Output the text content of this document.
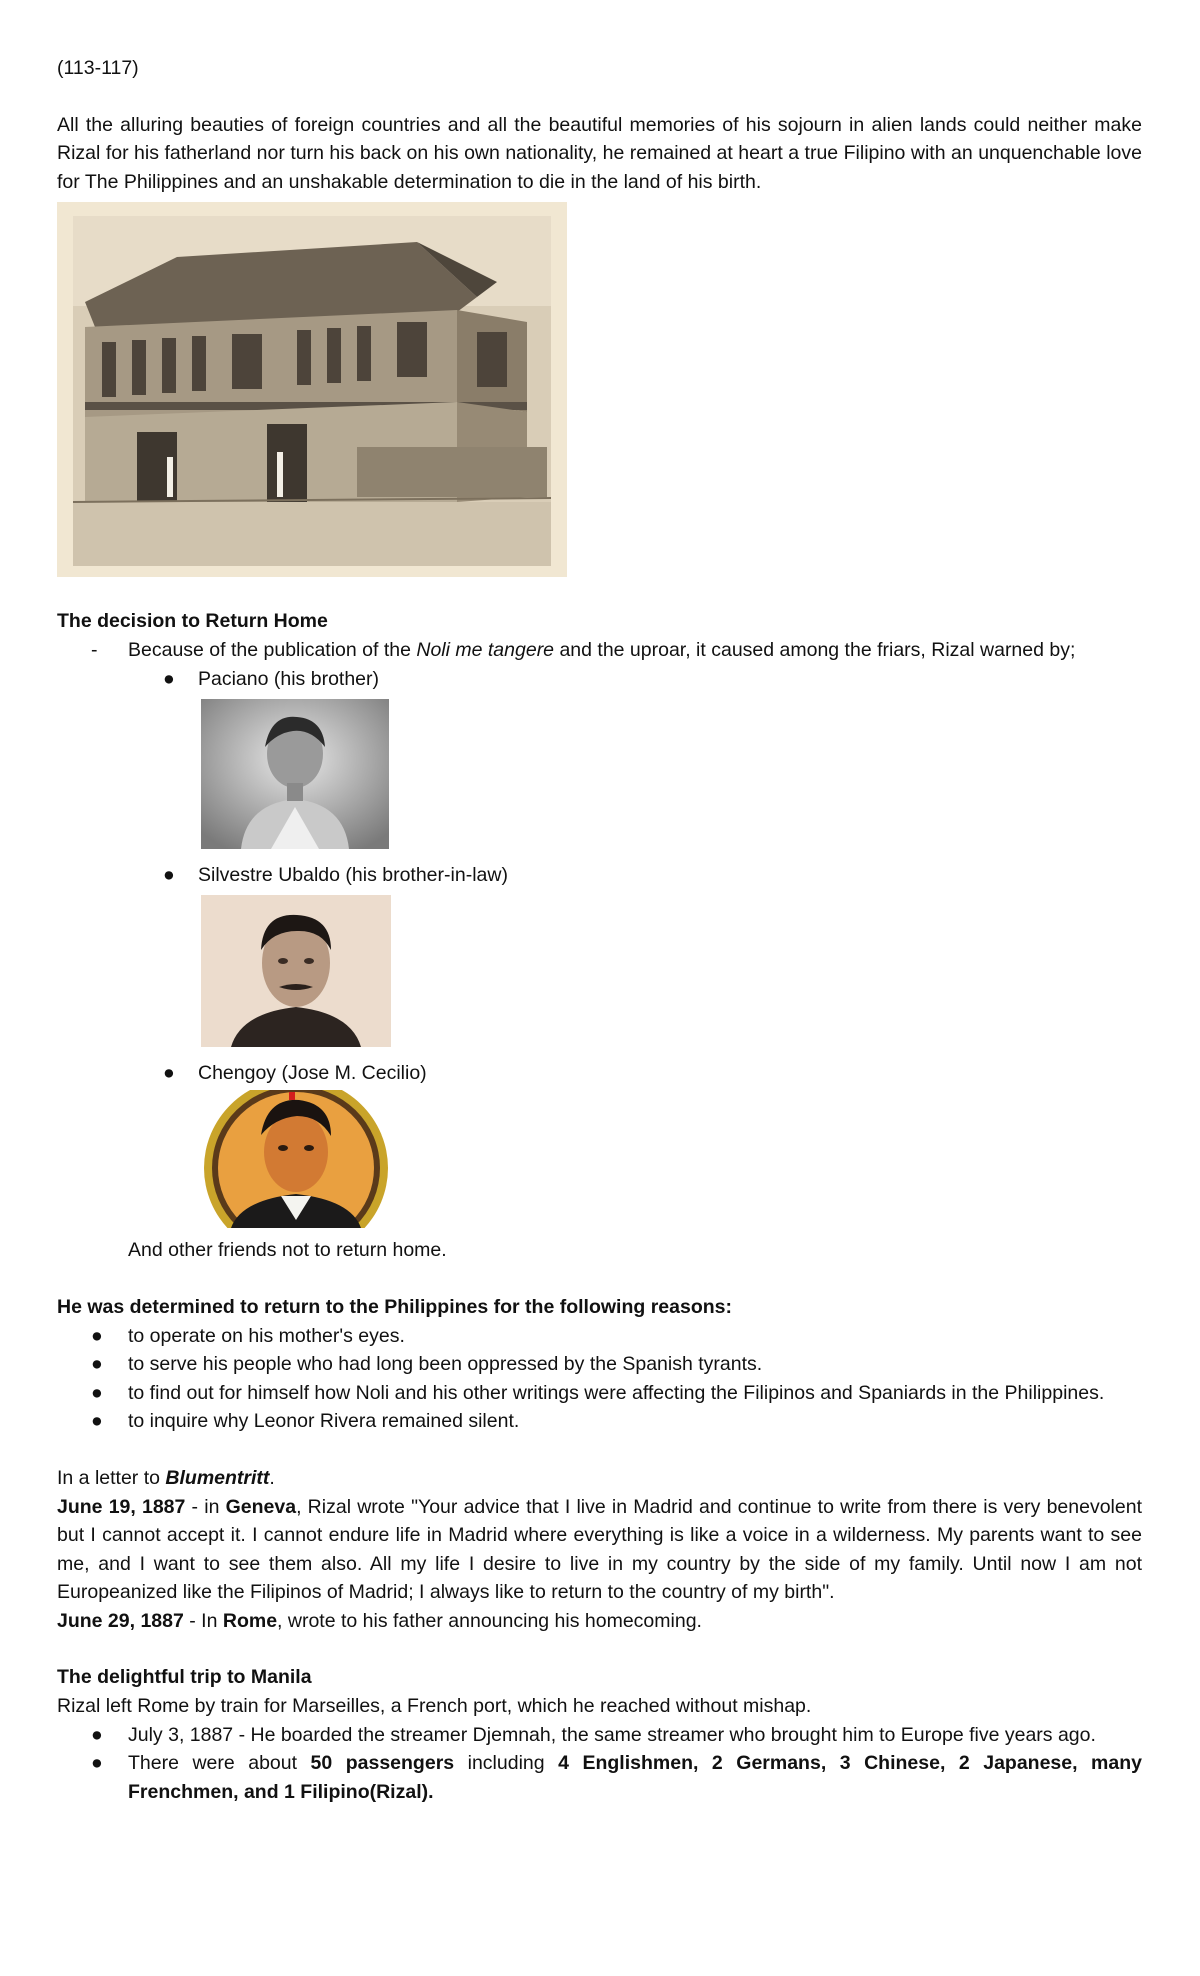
(113-117)

All the alluring beauties of foreign countries and all the beautiful memories of his sojourn in alien lands could neither make Rizal for his fatherland nor turn his back on his own nationality, he remained at heart a true Filipino with an unquenchable love for The Philippines and an unshakable determination to die in the land of his birth.

The decision to Return Home

- Because of the publication of the Noli me tangere and the uproar, it caused among the friars, Rizal warned by;
● Paciano (his brother)
● Silvestre Ubaldo (his brother-in-law)
● Chengoy (Jose M. Cecilio)

And other friends not to return home.

He was determined to return to the Philippines for the following reasons:

● to operate on his mother's eyes.
● to serve his people who had long been oppressed by the Spanish tyrants.
● to find out for himself how Noli and his other writings were affecting the Filipinos and Spaniards in the Philippines.
● to inquire why Leonor Rivera remained silent.

In a letter to Blumentritt.

June 19, 1887 - in Geneva, Rizal wrote "Your advice that I live in Madrid and continue to write from there is very benevolent but I cannot accept it. I cannot endure life in Madrid where everything is like a voice in a wilderness. My parents want to see me, and I want to see them also. All my life I desire to live in my country by the side of my family. Until now I am not Europeanized like the Filipinos of Madrid; I always like to return to the country of my birth".

June 29, 1887 - In Rome, wrote to his father announcing his homecoming.

The delightful trip to Manila

Rizal left Rome by train for Marseilles, a French port, which he reached without mishap.

● July 3, 1887 - He boarded the streamer Djemnah, the same streamer who brought him to Europe five years ago.
● There were about 50 passengers including 4 Englishmen, 2 Germans, 3 Chinese, 2 Japanese, many Frenchmen, and 1 Filipino(Rizal).
